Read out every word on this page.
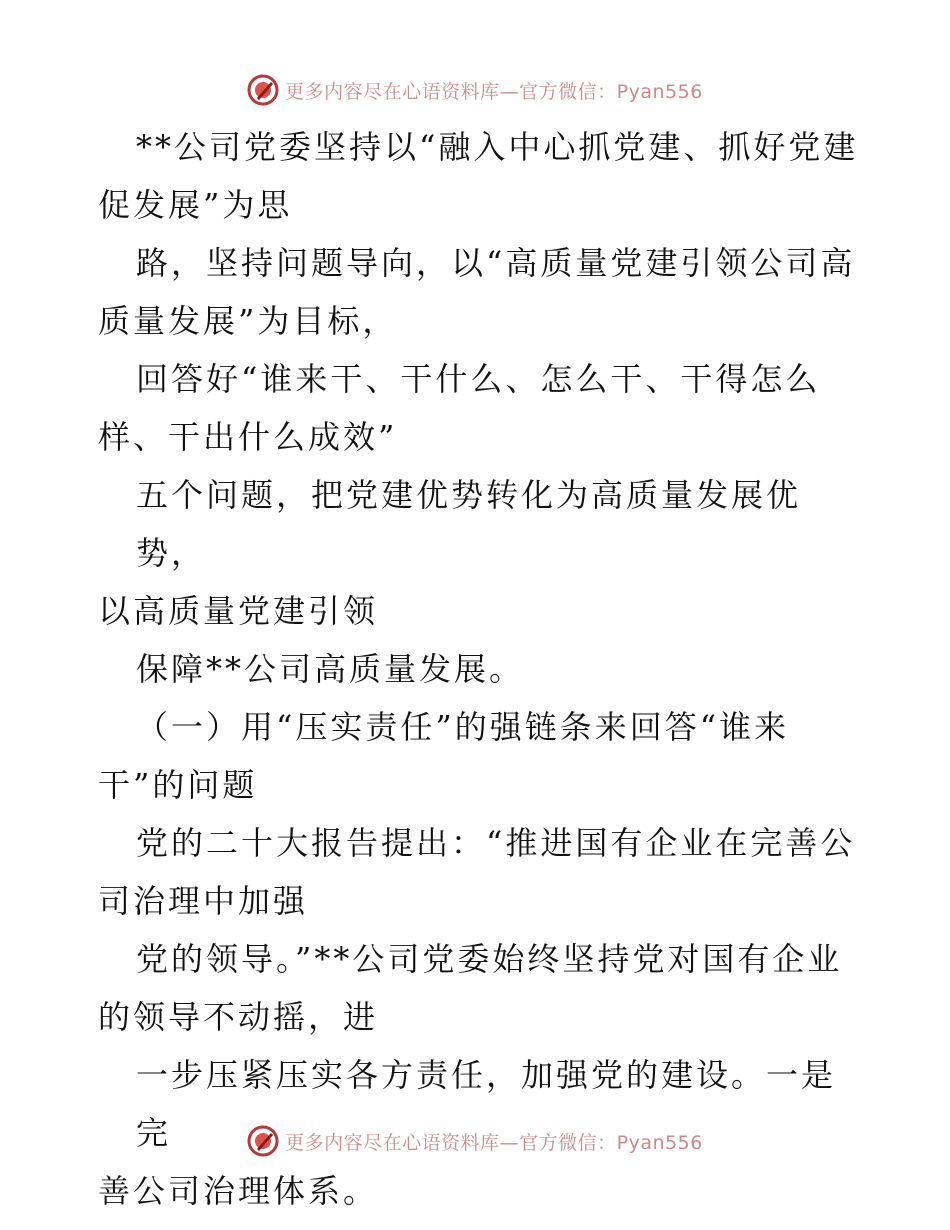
更多内容尽在心语资料库—官方微信：Pyan556

**公司党委坚持以“融入中心抓党建、抓好党建
促发展”为思

路，坚持问题导向，以“高质量党建引领公司高
质量发展”为目标，

回答好“谁来干、干什么、怎么干、干得怎么
样、干出什么成效”

五个问题，把党建优势转化为高质量发展优势，
以高质量党建引领

保障**公司高质量发展。

（一）用“压实责任”的强链条来回答“谁来
干”的问题

党的二十大报告提出：“推进国有企业在完善公
司治理中加强

党的领导。”**公司党委始终坚持党对国有企业
的领导不动摇，进

一步压紧压实各方责任，加强党的建设。一是完
善公司治理体系。

更多内容尽在心语资料库—官方微信：Pyan556
